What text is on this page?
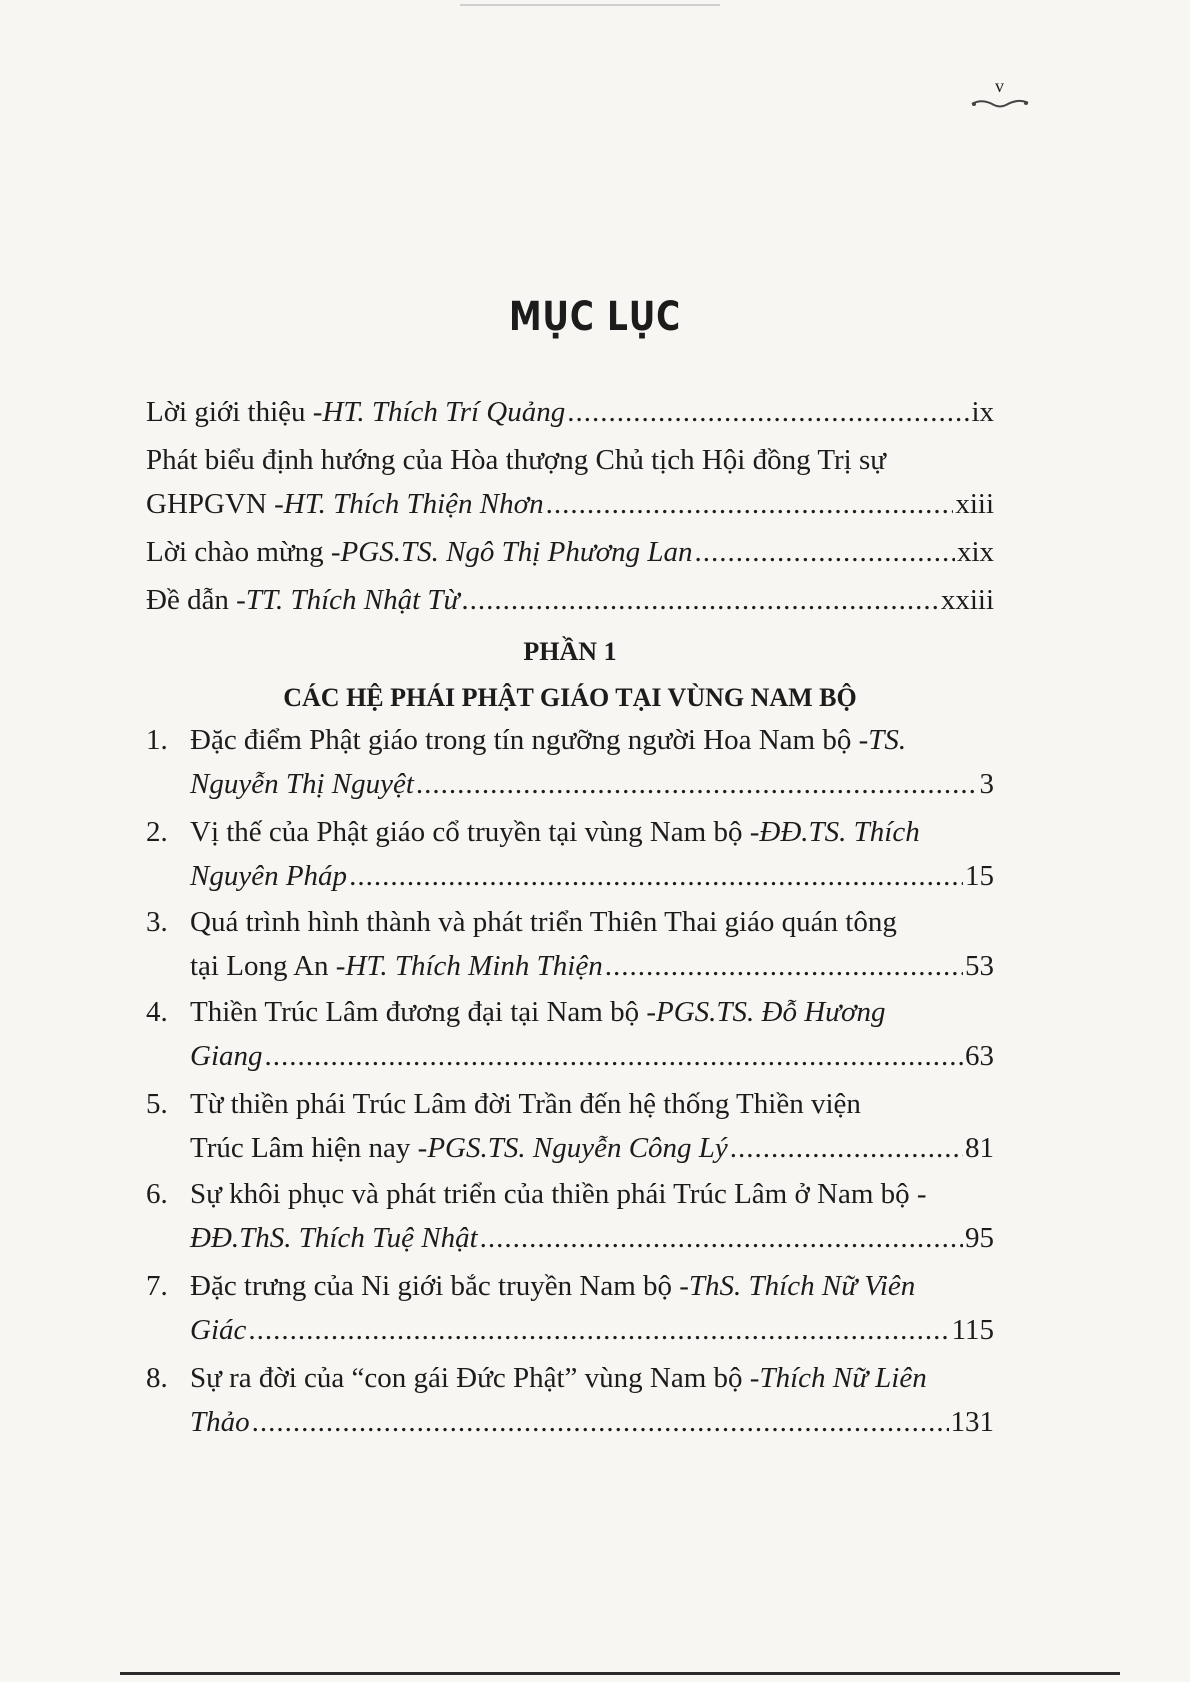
v
MỤC LỤC
Lời giới thiệu - HT. Thích Trí Quảng .....	ix
Phát biểu định hướng của Hòa thượng Chủ tịch Hội đồng Trị sự
GHPGVN - HT. Thích Thiện Nhơn .....	xiii
Lời chào mừng - PGS.TS. Ngô Thị Phương Lan .....	xix
Đề dẫn - TT. Thích Nhật Từ .....	xxiii
PHẦN 1
CÁC HỆ PHÁI PHẬT GIÁO TẠI VÙNG NAM BỘ
1. Đặc điểm Phật giáo trong tín ngưỡng người Hoa Nam bộ - TS.
Nguyễn Thị Nguyệt .....	3
2. Vị thế của Phật giáo cổ truyền tại vùng Nam bộ - ĐĐ.TS. Thích
Nguyên Pháp .....	15
3. Quá trình hình thành và phát triển Thiên Thai giáo quán tông
tại Long An - HT. Thích Minh Thiện .....	53
4. Thiền Trúc Lâm đương đại tại Nam bộ - PGS.TS. Đỗ Hương
Giang .....	63
5. Từ thiền phái Trúc Lâm đời Trần đến hệ thống Thiền viện
Trúc Lâm hiện nay - PGS.TS. Nguyễn Công Lý .....	81
6. Sự khôi phục và phát triển của thiền phái Trúc Lâm ở Nam bộ -
ĐĐ.ThS. Thích Tuệ Nhật .....	95
7. Đặc trưng của Ni giới bắc truyền Nam bộ - ThS. Thích Nữ Viên
Giác .....	115
8. Sự ra đời của “con gái Đức Phật” vùng Nam bộ - Thích Nữ Liên
Thảo .....	131
